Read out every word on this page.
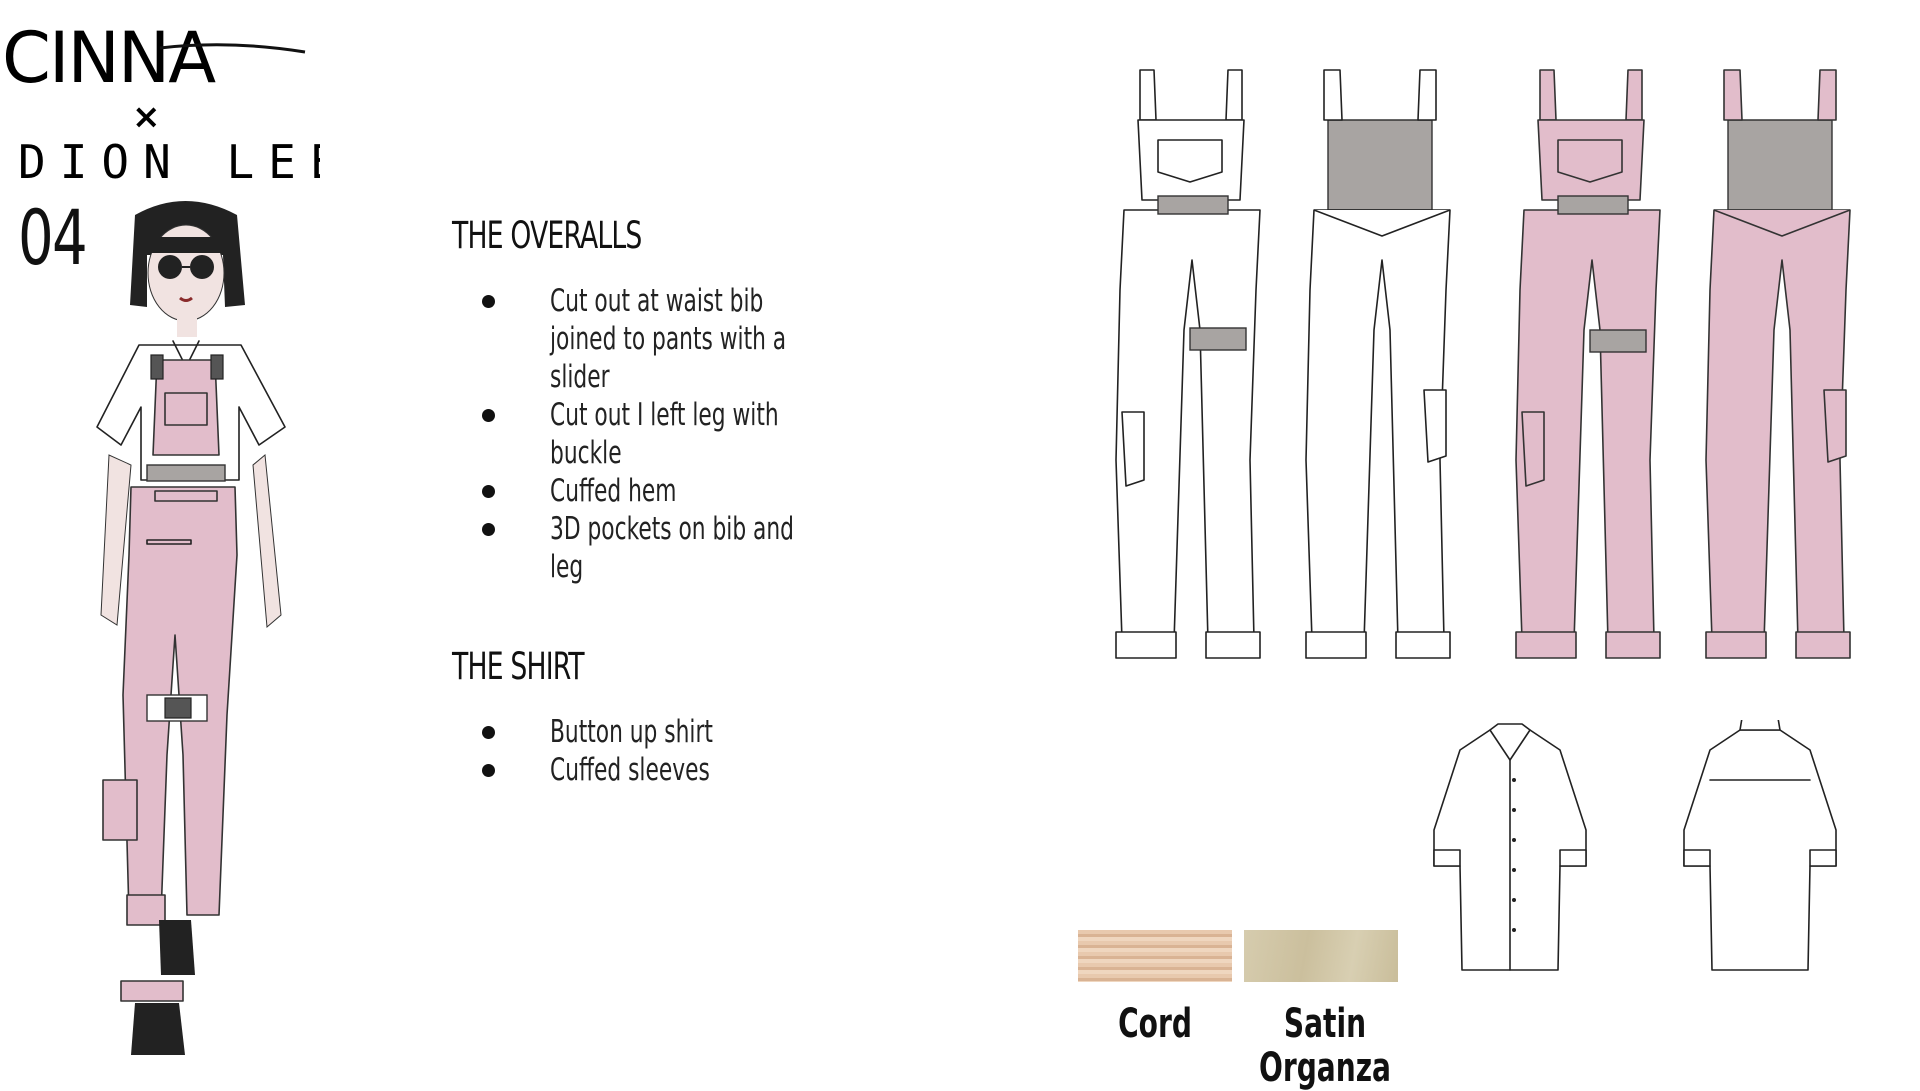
CINNA
×
DION LEE
04	THE OVERALLS
Cut out at waist bib joined to pants with a slider
Cut out I left leg with buckle
Cuffed hem
3D pockets on bib and leg
THE SHIRT
Button up shirt
Cuffed sleeves
Cord	Satin Organza
